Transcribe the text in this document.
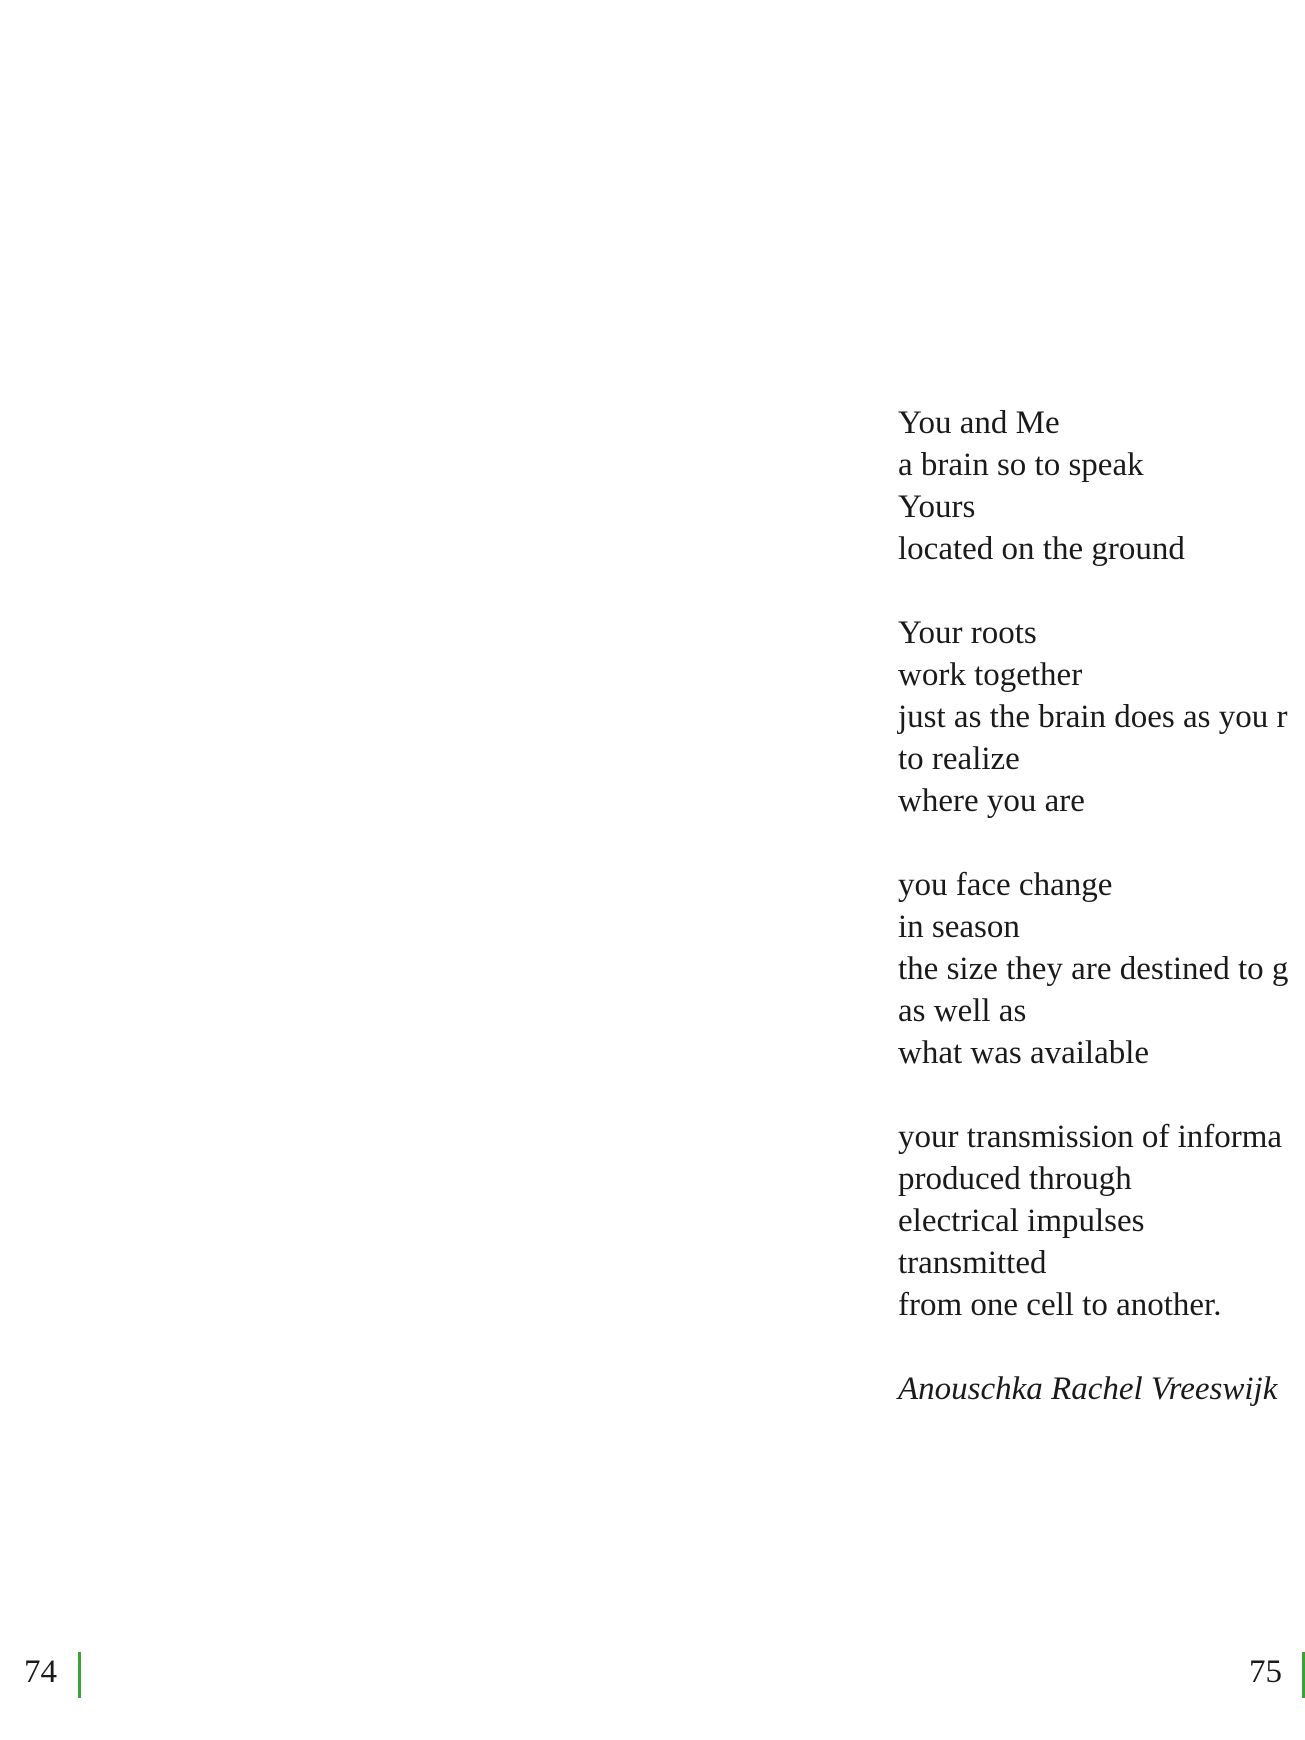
You and Me
a brain so to speak
Yours
located on the ground
Your roots
work together
just as the brain does as you r
to realize
where you are
you face change
in season
the size they are destined to g
as well as
what was available
your transmission of informa
produced through
electrical impulses
transmitted
from one cell to another.
Anouschka Rachel Vreeswijk
74	75
